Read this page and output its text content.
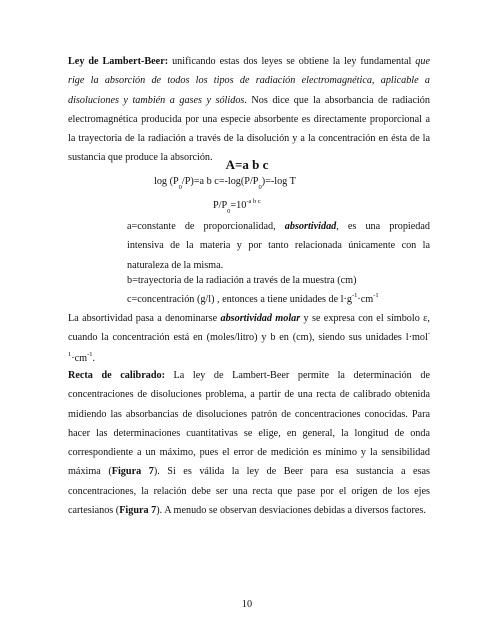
Ley de Lambert-Beer: unificando estas dos leyes se obtiene la ley fundamental que rige la absorción de todos los tipos de radiación electromagnética, aplicable a disoluciones y también a gases y sólidos. Nos dice que la absorbancia de radiación electromagnética producida por una especie absorbente es directamente proporcional a la trayectoria de la radiación a través de la disolución y a la concentración en ésta de la sustancia que produce la absorción.	A=a b c
$\log (P_0/P)=a$ b $c=-\log(P/P_0)=-\log$ T
$P/P_0=10^{-a b c}$

a=constante de proporcionalidad, absortividad, es una propiedad intensiva de la materia y por tanto relacionada únicamente con la naturaleza de la misma.

b=trayectoria de la radiación a través de la muestra (cm)

c=concentración (g/l) , entonces a tiene unidades de $l\cdot g^{-1}\cdot cm^{-1}$

La absortividad pasa a denominarse absortividad molar y se expresa con el símbolo ε, cuando la concentración está en (moles/litro) y b en (cm), siendo sus unidades $l\cdot mol^{-1}\cdot cm^{-1}$.

Recta de calibrado: La ley de Lambert-Beer permite la determinación de concentraciones de disoluciones problema, a partir de una recta de calibrado obtenida midiendo las absorbancias de disoluciones patrón de concentraciones conocidas. Para hacer las determinaciones cuantitativas se elige, en general, la longitud de onda correspondiente a un máximo, pues el error de medición es mínimo y la sensibilidad máxima (Figura 7). Si es válida la ley de Beer para esa sustancia a esas concentraciones, la relación debe ser una recta que pase por el origen de los ejes cartesianos (Figura 7). A menudo se observan desviaciones debidas a diversos factores.

10
